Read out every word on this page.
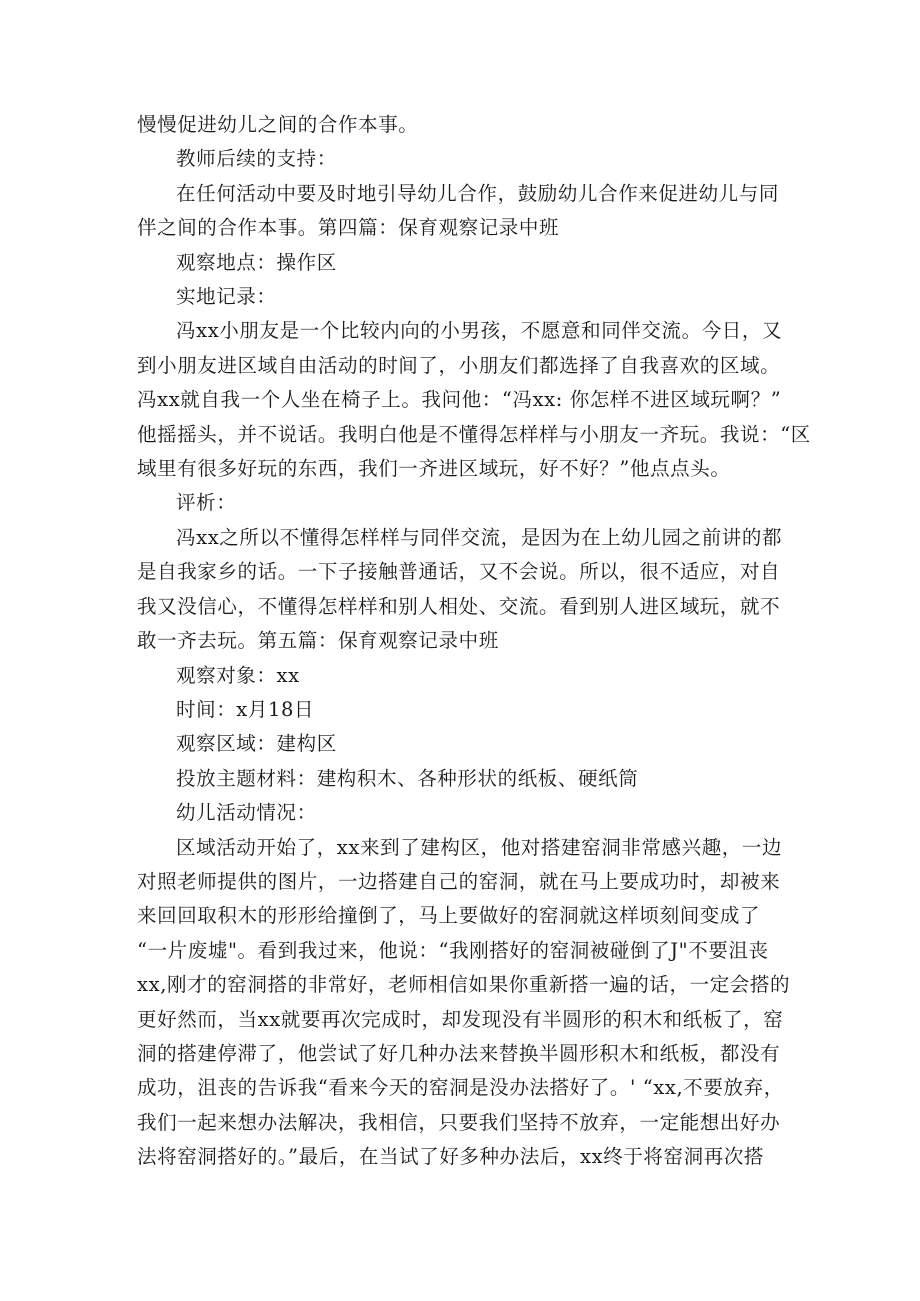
慢慢促进幼儿之间的合作本事。
教师后续的支持：
在任何活动中要及时地引导幼儿合作，鼓励幼儿合作来促进幼儿与同
伴之间的合作本事。第四篇：保育观察记录中班
观察地点：操作区
实地记录：
冯xx小朋友是一个比较内向的小男孩，不愿意和同伴交流。今日，又
到小朋友进区域自由活动的时间了，小朋友们都选择了自我喜欢的区域。
冯xx就自我一个人坐在椅子上。我问他：“冯xx: 你怎样不进区域玩啊？”
他摇摇头，并不说话。我明白他是不懂得怎样样与小朋友一齐玩。我说：“区
域里有很多好玩的东西，我们一齐进区域玩，好不好？”他点点头。
评析：
冯xx之所以不懂得怎样样与同伴交流，是因为在上幼儿园之前讲的都
是自我家乡的话。一下子接触普通话，又不会说。所以，很不适应，对自
我又没信心，不懂得怎样样和别人相处、交流。看到别人进区域玩，就不
敢一齐去玩。第五篇：保育观察记录中班
观察对象：xx
时间：x月18日
观察区域：建构区
投放主题材料：建构积木、各种形状的纸板、硬纸筒
幼儿活动情况：
区域活动开始了，xx来到了建构区，他对搭建窑洞非常感兴趣，一边
对照老师提供的图片，一边搭建自己的窑洞，就在马上要成功时，却被来
来回回取积木的形形给撞倒了，马上要做好的窑洞就这样顷刻间变成了
“一片废墟"。看到我过来，他说：“我刚搭好的窑洞被碰倒了J"不要沮丧
xx,刚才的窑洞搭的非常好，老师相信如果你重新搭一遍的话，一定会搭的
更好然而，当xx就要再次完成时，却发现没有半圆形的积木和纸板了，窑
洞的搭建停滞了，他尝试了好几种办法来替换半圆形积木和纸板，都没有
成功，沮丧的告诉我“看来今天的窑洞是没办法搭好了。' “xx,不要放弃，
我们一起来想办法解决，我相信，只要我们坚持不放弃，一定能想出好办
法将窑洞搭好的。”最后，在当试了好多种办法后，xx终于将窑洞再次搭
